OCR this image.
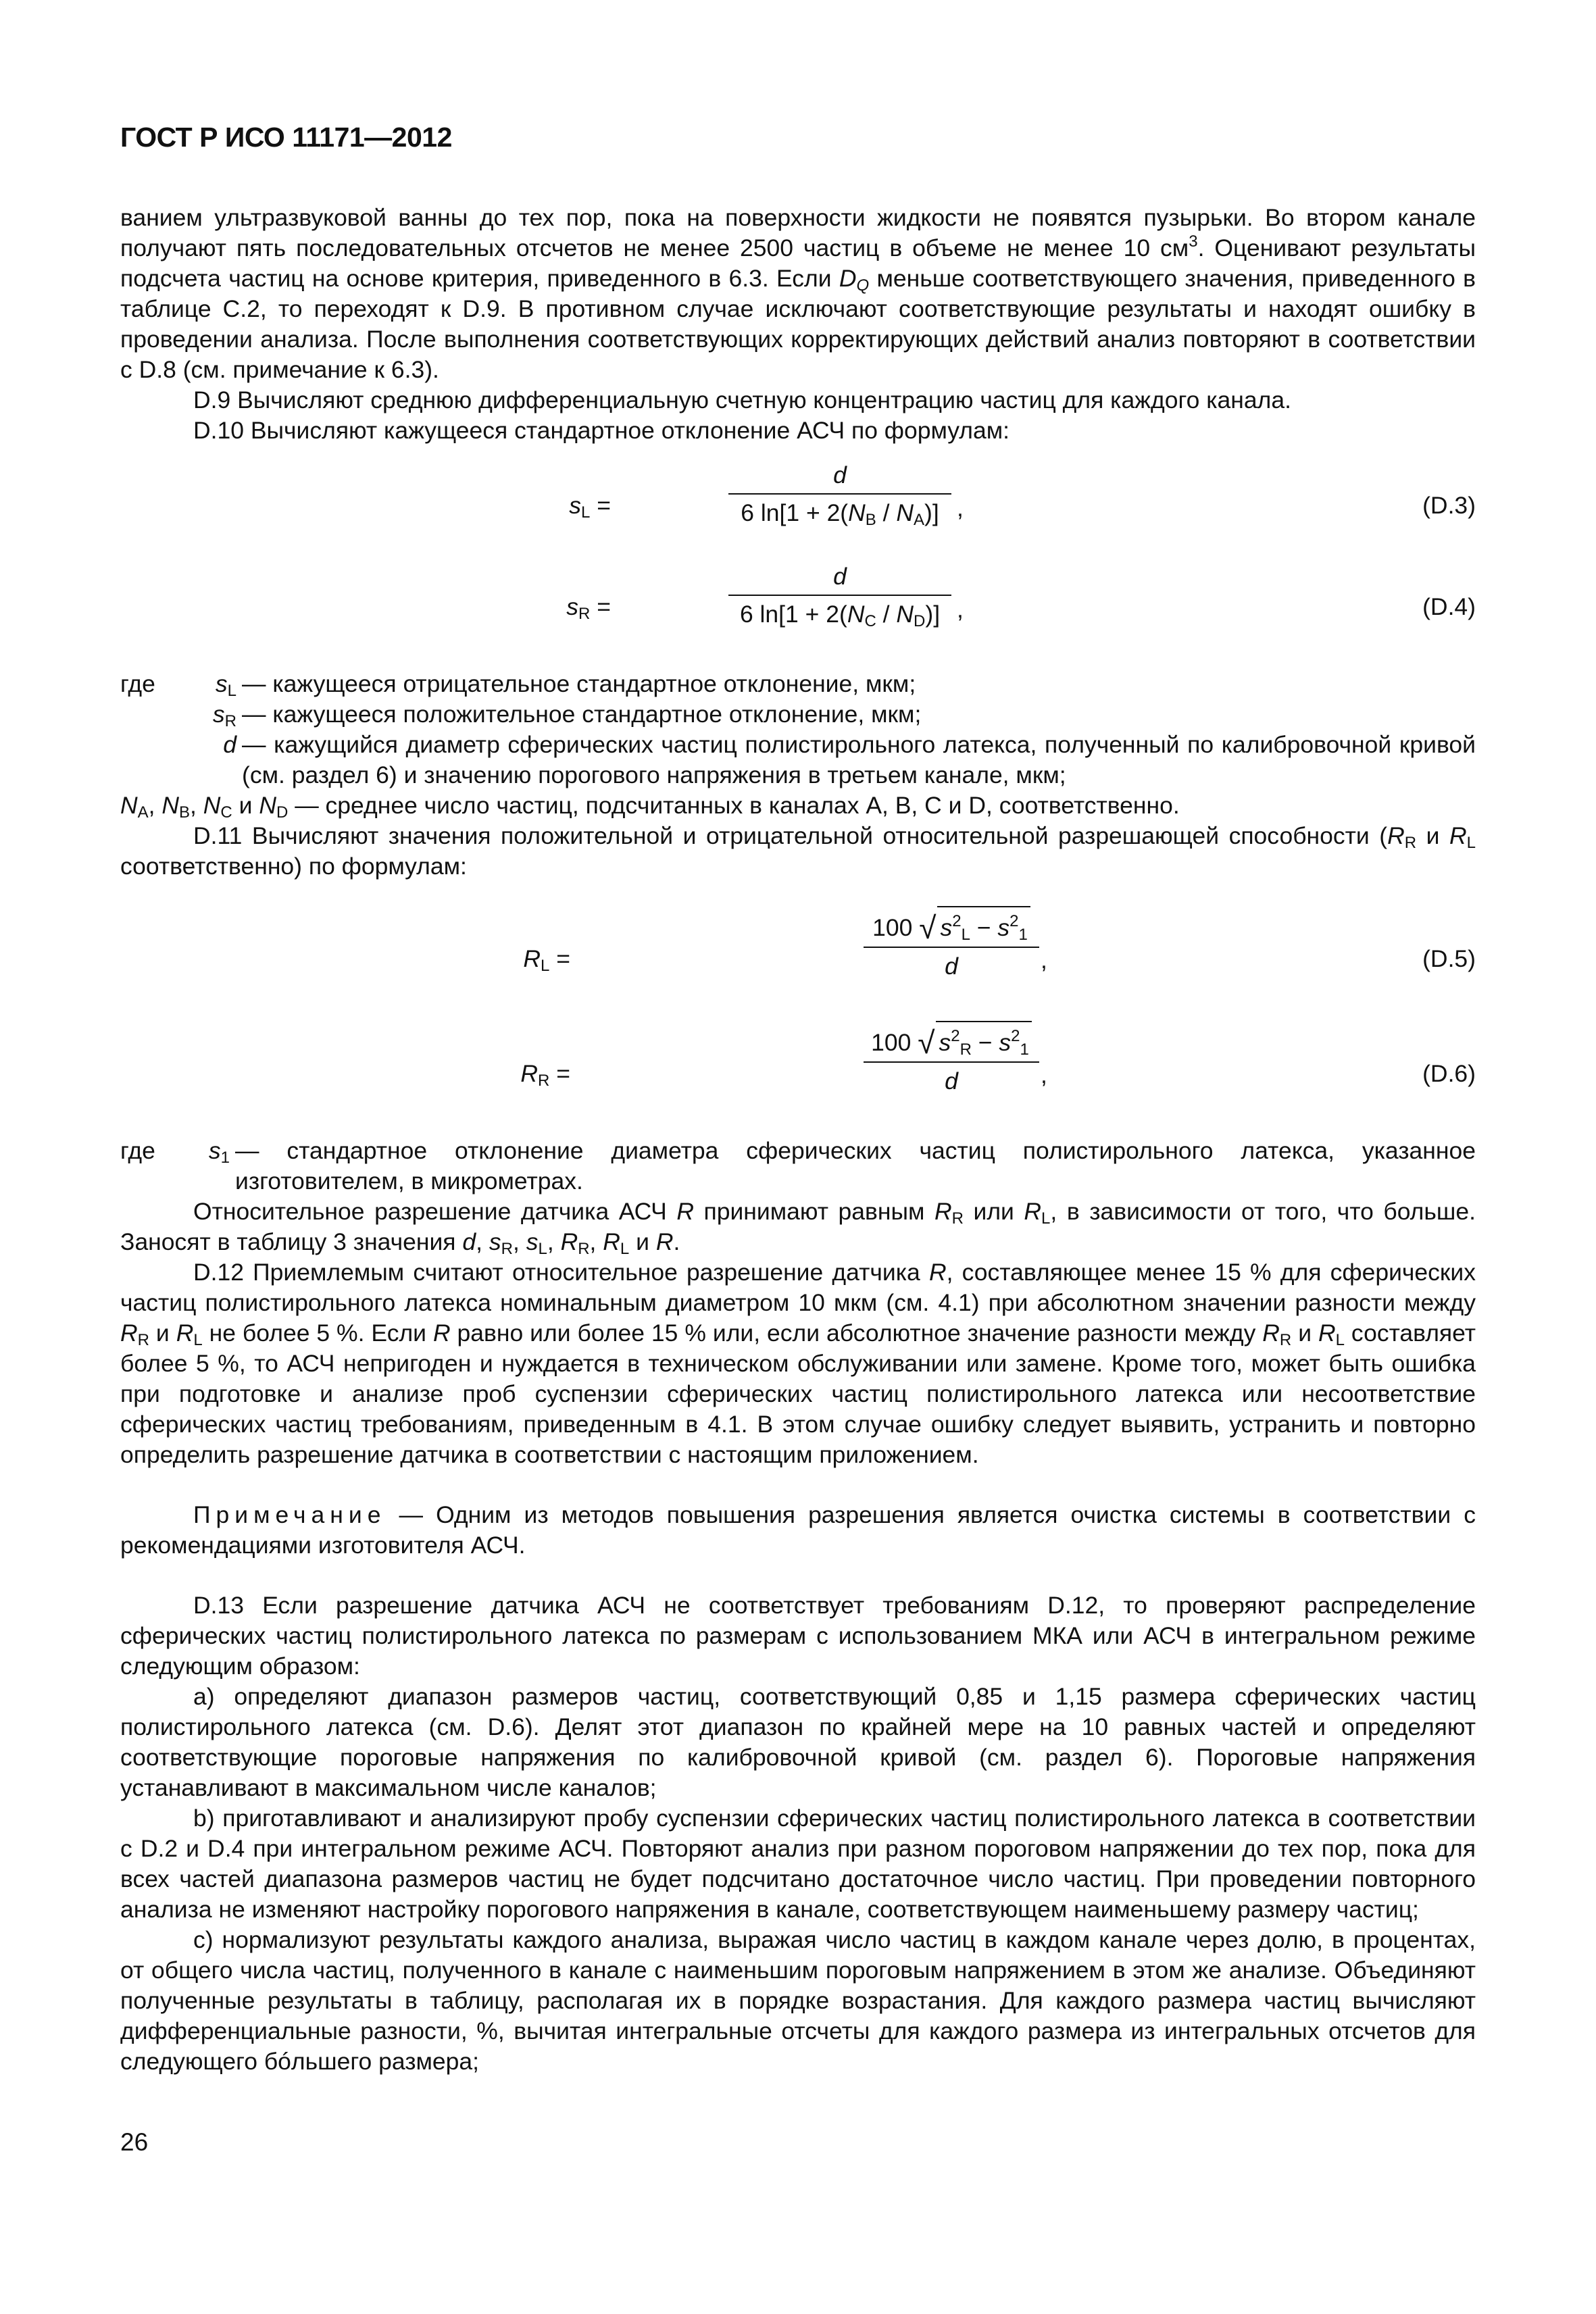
ГОСТ Р ИСО 11171—2012

ванием ультразвуковой ванны до тех пор, пока на поверхности жидкости не появятся пузырьки. Во втором канале получают пять последовательных отсчетов не менее 2500 частиц в объеме не менее 10 $см^3$. Оценивают результаты подсчета частиц на основе критерия, приведенного в 6.3. Если $D_Q$ меньше соответствующего значения, приведенного в таблице С.2, то переходят к D.9. В противном случае исключают соответствующие результаты и находят ошибку в проведении анализа. После выполнения соответствующих корректирующих действий анализ повторяют в соответствии с D.8 (см. примечание к 6.3).

D.9 Вычисляют среднюю дифференциальную счетную концентрацию частиц для каждого канала.

D.10 Вычисляют кажущееся стандартное отклонение АСЧ по формулам:

$s_L$ =
d
6 $\ln[1 + 2(N_B / N_A)]$ ,	(D.3)
$s_R$ =
d
6 $\ln[1 + 2(N_C / N_D)]$ ,	(D.4)
где	$s_L$ — кажущееся отрицательное стандартное отклонение, мкм;
$s_R$ — кажущееся положительное стандартное отклонение, мкм;
d — кажущийся диаметр сферических частиц полистирольного латекса, полученный по калибровочной кривой (см. раздел 6) и значению порогового напряжения в третьем канале, мкм;
$N_A$, $N_B$, $N_C$ и $N_D$ — среднее число частиц, подсчитанных в каналах А, В, С и D, соответственно.

D.11 Вычисляют значения положительной и отрицательной относительной разрешающей способности ($R_R$ и $R_L$ соответственно) по формулам:

$R_L$ =
100 √ $s^2_L - s^2_1$
d	,	(D.5)
$R_R$ =
100 √ $s^2_R - s^2_1$
d	,	(D.6)
где $s_1$ — стандартное отклонение диаметра сферических частиц полистирольного латекса, указанное изготовителем, в микрометрах.

Относительное разрешение датчика АСЧ R принимают равным $R_R$ или $R_L$, в зависимости от того, что больше. Заносят в таблицу 3 значения d, $s_R$, $s_L$, $R_R$, $R_L$ и R.

D.12 Приемлемым считают относительное разрешение датчика R, составляющее менее 15 % для сферических частиц полистирольного латекса номинальным диаметром 10 мкм (см. 4.1) при абсолютном значении разности между $R_R$ и $R_L$ не более 5 %. Если R равно или более 15 % или, если абсолютное значение разности между $R_R$ и $R_L$ составляет более 5 %, то АСЧ непригоден и нуждается в техническом обслуживании или замене. Кроме того, может быть ошибка при подготовке и анализе проб суспензии сферических частиц полистирольного латекса или несоответствие сферических частиц требованиям, приведенным в 4.1. В этом случае ошибку следует выявить, устранить и повторно определить разрешение датчика в соответствии с настоящим приложением.

Примечание — Одним из методов повышения разрешения является очистка системы в соответствии с рекомендациями изготовителя АСЧ.

D.13 Если разрешение датчика АСЧ не соответствует требованиям D.12, то проверяют распределение сферических частиц полистирольного латекса по размерам с использованием МКА или АСЧ в интегральном режиме следующим образом:

а) определяют диапазон размеров частиц, соответствующий 0,85 и 1,15 размера сферических частиц полистирольного латекса (см. D.6). Делят этот диапазон по крайней мере на 10 равных частей и определяют соответствующие пороговые напряжения по калибровочной кривой (см. раздел 6). Пороговые напряжения устанавливают в максимальном числе каналов;

b) приготавливают и анализируют пробу суспензии сферических частиц полистирольного латекса в соответствии с D.2 и D.4 при интегральном режиме АСЧ. Повторяют анализ при разном пороговом напряжении до тех пор, пока для всех частей диапазона размеров частиц не будет подсчитано достаточное число частиц. При проведении повторного анализа не изменяют настройку порогового напряжения в канале, соответствующем наименьшему размеру частиц;

c) нормализуют результаты каждого анализа, выражая число частиц в каждом канале через долю, в процентах, от общего числа частиц, полученного в канале с наименьшим пороговым напряжением в этом же анализе. Объединяют полученные результаты в таблицу, располагая их в порядке возрастания. Для каждого размера частиц вычисляют дифференциальные разности, %, вычитая интегральные отсчеты для каждого размера из интегральных отсчетов для следующего бóльшего размера;

26
